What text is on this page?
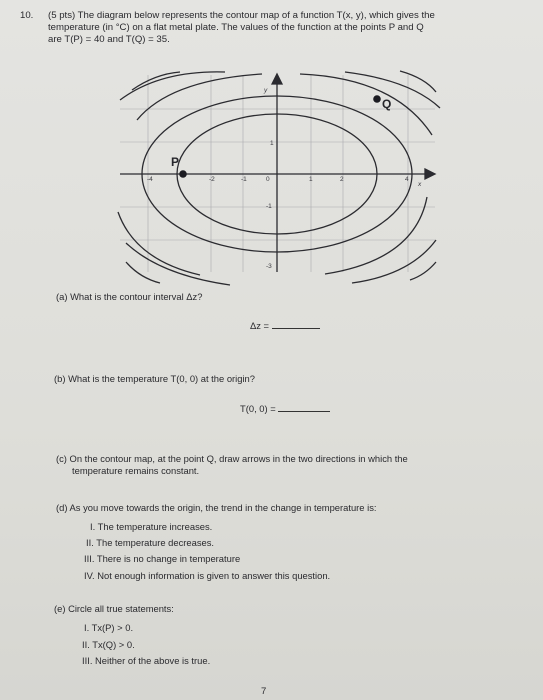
10. (5 pts) The diagram below represents the contour map of a function T(x, y), which gives the
temperature (in °C) on a flat metal plate. The values of the function at the points P and Q
are T(P) = 40 and T(Q) = 35.
P
Q
x
y
-4	-2	-1	0	1	2	4
1
-1
-3
(a) What is the contour interval Δz?
Δz =
(b) What is the temperature T(0, 0) at the origin?
T(0, 0) =
(c) On the contour map, at the point Q, draw arrows in the two directions in which the
temperature remains constant.
(d) As you move towards the origin, the trend in the change in temperature is:
I. The temperature increases.
II. The temperature decreases.
III. There is no change in temperature
IV. Not enough information is given to answer this question.
(e) Circle all true statements:
I. Tx(P) > 0.
II. Tx(Q) > 0.
III. Neither of the above is true.
7
